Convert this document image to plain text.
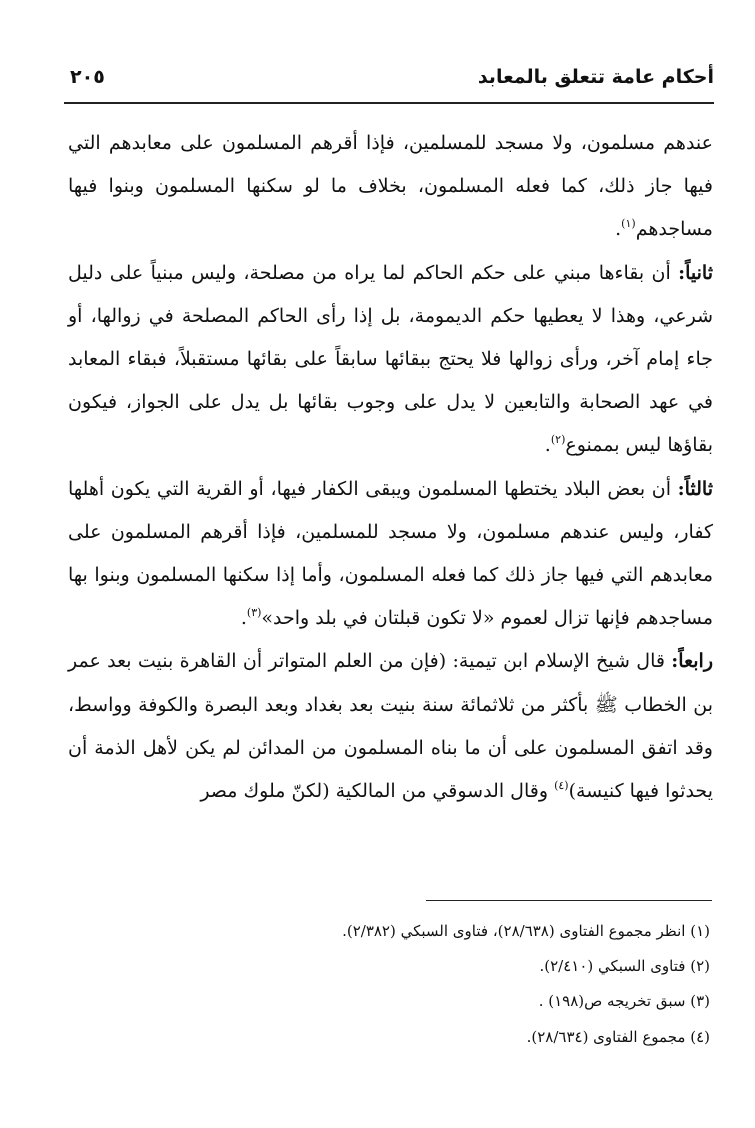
أحكام عامة تتعلق بالمعابد
٢٠٥

عندهم مسلمون، ولا مسجد للمسلمين، فإذا أقرهم المسلمون على معابدهم التي فيها جاز ذلك، كما فعله المسلمون، بخلاف ما لو سكنها المسلمون وبنوا فيها مساجدهم$^{(١)}$.

ثانياً: أن بقاءها مبني على حكم الحاكم لما يراه من مصلحة، وليس مبنياً على دليل شرعي، وهذا لا يعطيها حكم الديمومة، بل إذا رأى الحاكم المصلحة في زوالها، أو جاء إمام آخر، ورأى زوالها فلا يحتج ببقائها سابقاً على بقائها مستقبلاً، فبقاء المعابد في عهد الصحابة والتابعين لا يدل على وجوب بقائها بل يدل على الجواز، فيكون بقاؤها ليس بممنوع$^{(٢)}$.

ثالثاً: أن بعض البلاد يختطها المسلمون ويبقى الكفار فيها، أو القرية التي يكون أهلها كفار، وليس عندهم مسلمون، ولا مسجد للمسلمين، فإذا أقرهم المسلمون على معابدهم التي فيها جاز ذلك كما فعله المسلمون، وأما إذا سكنها المسلمون وبنوا بها مساجدهم فإنها تزال لعموم «لا تكون قبلتان في بلد واحد»$^{(٣)}$.

رابعاً: قال شيخ الإسلام ابن تيمية: (فإن من العلم المتواتر أن القاهرة بنيت بعد عمر بن الخطاب ﷺ بأكثر من ثلاثمائة سنة بنيت بعد بغداد وبعد البصرة والكوفة وواسط، وقد اتفق المسلمون على أن ما بناه المسلمون من المدائن لم يكن لأهل الذمة أن يحدثوا فيها كنيسة)$^{(٤)}$ وقال الدسوقي من المالكية (لكنّ ملوك مصر

(١) انظر مجموع الفتاوى (٢٨/٦٣٨)، فتاوى السبكي (٢/٣٨٢).

(٢) فتاوى السبكي (٢/٤١٠).

(٣) سبق تخريجه ص(١٩٨) .

(٤) مجموع الفتاوى (٢٨/٦٣٤).
